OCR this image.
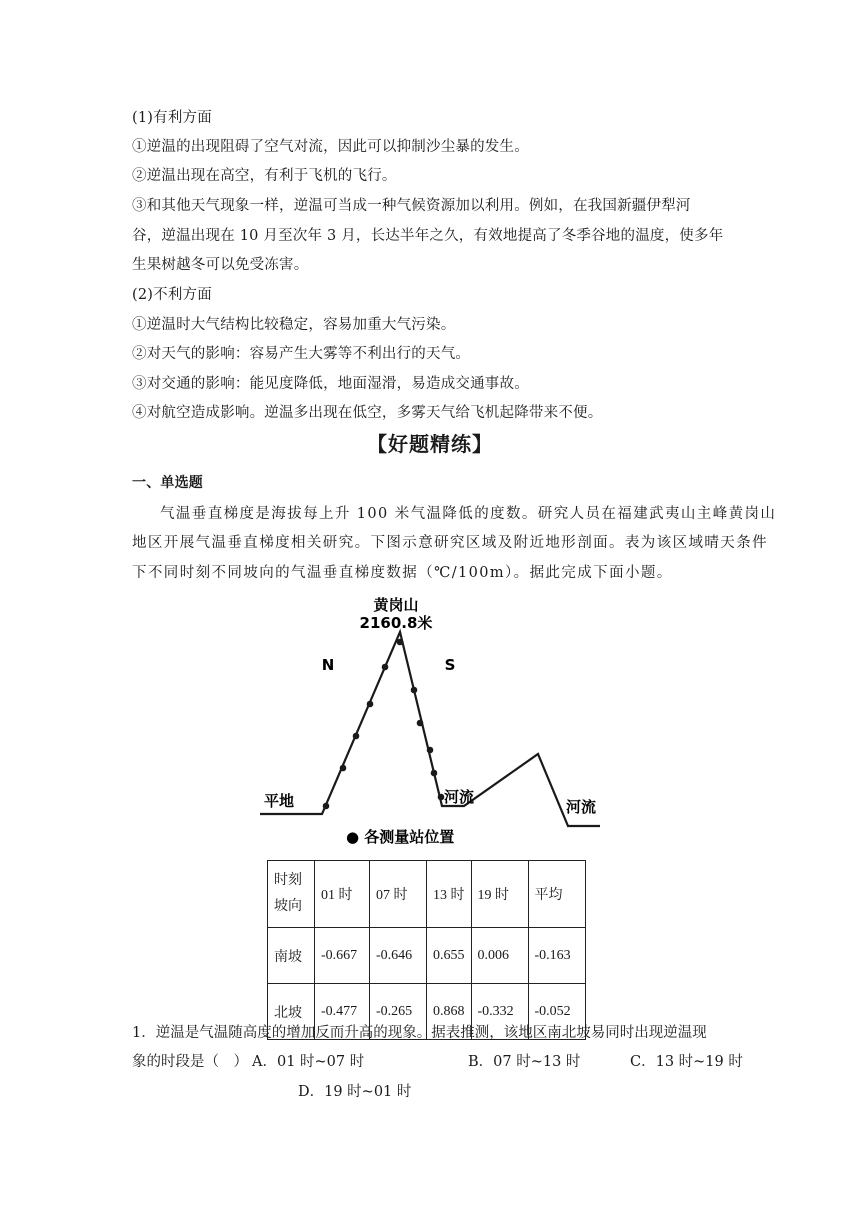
(1)有利方面
①逆温的出现阻碍了空气对流，因此可以抑制沙尘暴的发生。
②逆温出现在高空，有利于飞机的飞行。
③和其他天气现象一样，逆温可当成一种气候资源加以利用。例如，在我国新疆伊犁河
谷，逆温出现在 10 月至次年 3 月，长达半年之久，有效地提高了冬季谷地的温度，使多年
生果树越冬可以免受冻害。
(2)不利方面
①逆温时大气结构比较稳定，容易加重大气污染。
②对天气的影响：容易产生大雾等不利出行的天气。
③对交通的影响：能见度降低，地面湿滑，易造成交通事故。
④对航空造成影响。逆温多出现在低空，多雾天气给飞机起降带来不便。
【好题精练】
一、单选题
气温垂直梯度是海拔每上升 100 米气温降低的度数。研究人员在福建武夷山主峰黄岗山
地区开展气温垂直梯度相关研究。下图示意研究区域及附近地形剖面。表为该区域晴天条件
下不同时刻不同坡向的气温垂直梯度数据（℃/100m）。据此完成下面小题。
黄岗山
2160.8米
N	S
平地	河流
河流
● 各测量站位置
时刻
坡向	01 时	07 时	13 时	19 时	平均
南坡	-0.667	-0.646	0.655	0.006	-0.163
北坡	-0.477	-0.265	0.868	-0.332	-0.052
1．逆温是气温随高度的增加反而升高的现象。据表推测，该地区南北坡易同时出现逆温现
象的时段是（　） A．01 时~07 时	B．07 时~13 时	C．13 时~19 时
D．19 时~01 时
